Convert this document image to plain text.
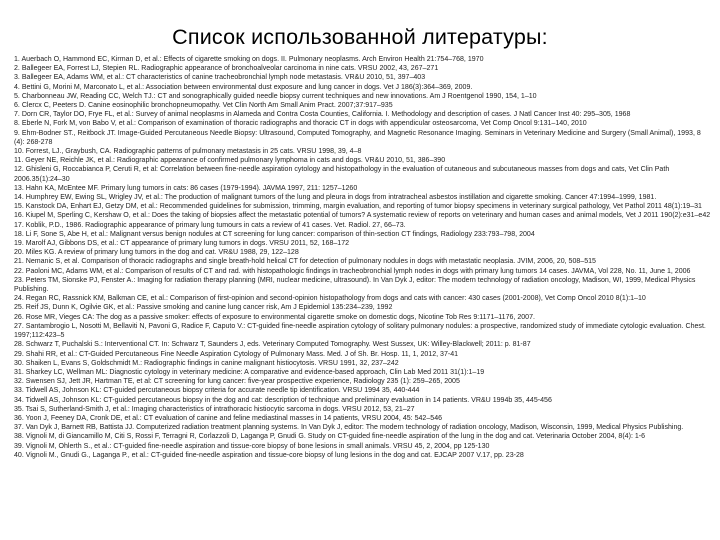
Список использованной литературы:
1. Auerbach O, Hammond EC, Kirman D, et al.: Effects of cigarette smoking on dogs. II. Pulmonary neoplasms. Arch Environ Health 21:754–768, 1970
2. Ballegeer EA, Forrest LJ, Stepien RL. Radiographic appearance of bronchoalveolar carcinoma in nine cats. VRSU 2002, 43, 267–271
3. Ballegeer EA, Adams WM, et al.: CT characteristics of canine tracheobronchial lymph node metastasis. VR&U 2010, 51, 397–403
4. Bettini G, Morini M, Marconato L, et al.: Association between environmental dust exposure and lung cancer in dogs. Vet J 186(3):364–369, 2009.
5. Charbonneau JW, Reading CC, Welch TJ.: CT and sonographically guided needle biopsy current techniques and new innovations. Am J Roentgenol 1990, 154, 1–10
6. Clercx C, Peeters D. Canine eosinophilic bronchopneumopathy. Vet Clin North Am Small Anim Pract. 2007;37:917–935
7. Dorn CR, Taylor DO, Frye FL, et al.: Survey of animal neoplasms in Alameda and Contra Costa Counties, California. I. Methodology and description of cases. J Natl Cancer Inst 40: 295–305, 1968
8. Eberle N, Fork M, von Babo V, et al.: Comparison of examination of thoracic radiographs and thoracic CT in dogs with appendicular osteosarcoma, Vet Comp Oncol 9:131–140, 2010
9. Ehm-Bodner ST., Reitbock JT. Image-Guided Percutaneous Needle Biopsy: Ultrasound, Computed Tomography, and Magnetic Resonance Imaging. Seminars in Veterinary Medicine and Surgery (Small Animal), 1993, 8 (4): 268-278
10. Forrest, LJ., Graybush, CA. Radiographic patterns of pulmonary metastasis in 25 cats. VRSU 1998, 39, 4–8
11. Geyer NE, Reichle JK, et al.: Radiographic appearance of confirmed pulmonary lymphoma in cats and dogs. VR&U 2010, 51, 386–390
12. Ghisleni G, Roccabianca P, Ceruti R, et al: Correlation between fine-needle aspiration cytology and histopathology in the evaluation of cutaneous and subcutaneous masses from dogs and cats, Vet Clin Path 2006.35(1):24–30
13. Hahn KA, McEntee MF. Primary lung tumors in cats: 86 cases (1979-1994). JAVMA 1997, 211: 1257–1260
14. Humphrey EW, Ewing SL, Wrigley JV, et al.: The production of malignant tumors of the lung and pleura in dogs from intratracheal asbestos instillation and cigarette smoking. Cancer 47:1994–1999, 1981.
15. Kanstock DA, Enhart EJ, Getzy DM, et al.: Recommended guidelines for submission, trimming, margin evaluation, and reporting of tumor biopsy specimens in veterinary surgical pathology, Vet Pathol 2011 48(1):19–31
16. Kiupel M, Sperling C, Kershaw O, et al.: Does the taking of biopsies affect the metastatic potential of tumors? A systematic review of reports on veterinary and human cases and animal models, Vet J 2011 190(2):e31–e42
17. Koblik, P.D., 1986. Radiographic appearance of primary lung tumours in cats a review of 41 cases. Vet. Radiol. 27, 66–73.
18. Li F, Sone S, Abe H, et al.: Malignant versus benign nodules at CT screening for lung cancer: comparison of thin-section CT findings, Radiology 233:793–798, 2004
19. Marolf AJ, Gibbons DS, et al.: CT appearance of primary lung tumors in dogs. VRSU 2011, 52, 168–172
20. Miles KG. A review of primary lung tumors in the dog and cat. VR&U 1988, 29, 122–128
21. Nemanic S, et al. Comparison of thoracic radiographs and single breath-hold helical CT for detection of pulmonary nodules in dogs with metastatic neoplasia. JVIM, 2006, 20, 508–515
22. Paoloni MC, Adams WM, et al.: Comparison of results of CT and rad. with histopathologic findings in tracheobronchial lymph nodes in dogs with primary lung tumors 14 cases. JAVMA, Vol 228, No. 11, June 1, 2006
23. Peters TM, Sionske PJ, Fenster A.: Imaging for radiation therapy planning (MRI, nuclear medicine, ultrasound). In Van Dyk J, editor: The modern technology of radiation oncology, Madison, WI, 1999, Medical Physics Publishing.
24. Regan RC, Rassnick KM, Balkman CE, et al.: Comparison of first-opinion and second-opinion histopathology from dogs and cats with cancer: 430 cases (2001-2008), Vet Comp Oncol 2010 8(1):1–10
25. Reif JS, Dunn K, Ogilvie GK, et al.: Passive smoking and canine lung cancer risk, Am J Epidemiol 135:234–239, 1992
26. Rose MR, Vieges CA: The dog as a passive smoker: effects of exposure to environmental cigarette smoke on domestic dogs, Nicotine Tob Res 9:1171–1176, 2007.
27. Santambrogio L, Nosotti M, Bellaviti N, Pavoni G, Radice F, Caputo V.: CT-guided fine-needle aspiration cytology of solitary pulmonary nodules: a prospective, randomized study of immediate cytologic evaluation. Chest. 1997;112:423–5
28. Schwarz T, Puchalski S.: Interventional CT. In: Schwarz T, Saunders J, eds. Veterinary Computed Tomography. West Sussex, UK: Willey-Blackwell; 2011: p. 81-87
29. Shahi RR, et al.: CT-Guided Percutaneous Fine Needle Aspiration Cytology of Pulmonary Mass. Med. J of Sh. Br. Hosp. 11, 1, 2012, 37-41
30. Shaiken L, Evans S, Goldschmidt M.: Radiographic findings in canine malignant histiocytosis. VRSU 1991, 32, 237–242
31. Sharkey LC, Wellman ML: Diagnostic cytology in veterinary medicine: A comparative and evidence-based approach, Clin Lab Med 2011 31(1):1–19
32. Swensen SJ, Jett JR, Hartman TE, et al: CT screening for lung cancer: five-year prospective experience, Radiology 235 (1): 259–265, 2005
33. Tidwell AS, Johnson KL: CT-guided percutaneous biopsy criteria for accurate needle tip identification. VRSU 1994 35, 440-444
34. Tidwell AS, Johnson KL: CT-guided percutaneous biopsy in the dog and cat: description of technique and preliminary evaluation in 14 patients. VR&U 1994b 35, 445-456
35. Tsai S, Sutherland-Smith J, et al.: Imaging characteristics of intrathoracic histiocytic sarcoma in dogs. VRSU 2012, 53, 21–27
36. Yoon J, Feeney DA, Cronk DE, et al.: CT evaluation of canine and feline mediastinal masses in 14 patients, VRSU 2004, 45: 542–546
37. Van Dyk J, Barnett RB, Battista JJ. Computerized radiation treatment planning systems. In Van Dyk J, editor: The modern technology of radiation oncology, Madison, Wisconsin, 1999, Medical Physics Publishing.
38. Vignoli M, di Giancamillo M, Citi S, Rossi F, Terragni R, Corlazzoli D, Laganga P, Gnudi G. Study on CT-guided fine-needle aspiration of the lung in the dog and cat. Veterinaria October 2004, 8(4): 1-6
39. Vignoli M, Ohlerth S., et al.: CT-guided fine-needle aspiration and tissue-core biopsy of bone lesions in small animals. VRSU 45, 2, 2004, pp 125-130
40. Vignoli M., Gnudi G., Laganga P., et al.: CT-guided fine-needle aspiration and tissue-core biopsy of lung lesions in the dog and cat. EJCAP 2007 V.17, pp. 23-28
